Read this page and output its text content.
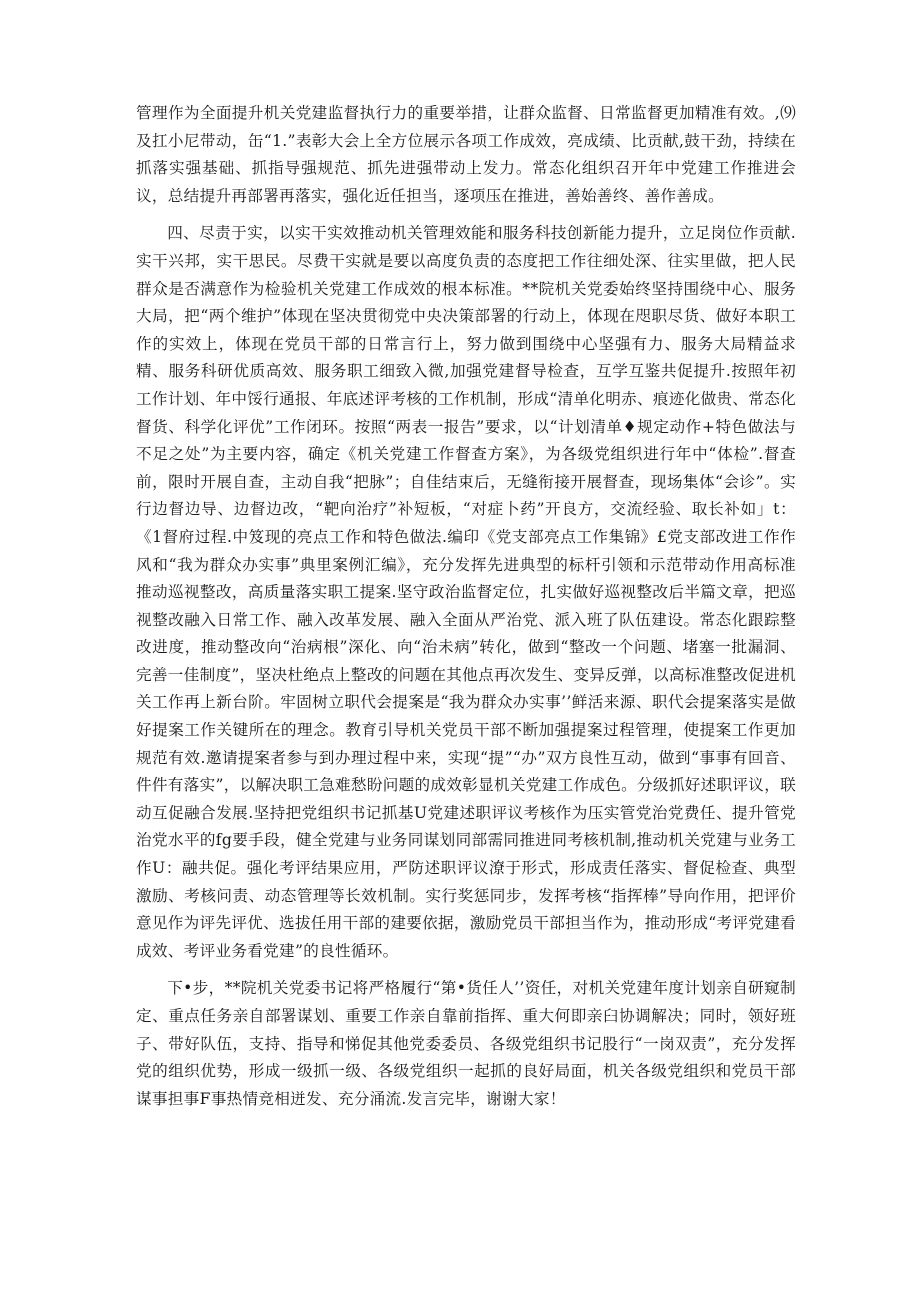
管理作为全面提升机关党建监督执行力的重要举措，让群众监督、日常监督更加精准有效。,⑼及扛小尼带动，缶“1.”表彰大会上全方位展示各项工作成效，亮成绩、比贡献,鼓干劲，持续在抓落实强基础、抓指导强规范、抓先进强带动上发力。常态化组织召开年中党建工作推进会议，总结提升再部署再落实，强化近任担当，逐项压在推进，善始善终、善作善成。

四、尽责于实，以实干实效推动机关管理效能和服务科技创新能力提升，立足岗位作贡献.实干兴邦，实干思民。尽费干实就是要以高度负责的态度把工作往细处深、往实里做，把人民群众是否满意作为检验机关党建工作成效的根本标准。**院机关党委始终坚持围绕中心、服务大局，把“两个维护”体现在坚决贯彻党中央决策部署的行动上，体现在咫职尽货、做好本职工作的实效上，体现在党员干部的日常言行上，努力做到围绕中心坚强有力、服务大局精益求精、服务科研优质高效、服务职工细致入微,加强党建督导检查，互学互鉴共促提升.按照年初工作计划、年中馁行通报、年底述评考核的工作机制，形成“清单化明赤、痕迹化做贵、常态化督货、科学化评优”工作闭环。按照“两表一报告”要求，以“计划清单♦规定动作+特色做法与不足之处”为主要内容，确定《机关党建工作督查方案》，为各级党组织进行年中“体检”.督查前，限时开展自查，主动自我“把脉”；自佳结束后，无缝衔接开展督查，现场集体“会诊”。实行边督边导、边督边改，“靶向治疗”补短板，“对症卜药”开良方，交流经验、取长补如」t：《1督府过程.中笈现的亮点工作和特色做法.编印《党支部亮点工作集锦》£党支部改进工作作风和“我为群众办实事”典里案例汇编》，充分发挥先进典型的标杆引领和示范带动作用高标准推动巡视整改，高质量落实职工提案.坚守政治监督定位，扎实做好巡视整改后半篇文章，把巡视整改融入日常工作、融入改革发展、融入全面从严治党、派入班了队伍建设。常态化跟踪整改进度，推动整改向“治病根”深化、向“治未病”转化，做到“整改一个问题、堵塞一批漏洞、完善一佳制度”，坚决杜绝点上整改的问题在其他点再次发生、变异反弹，以高标准整改促进机关工作再上新台阶。牢固树立职代会提案是“我为群众办实事’’鲜活来源、职代会提案落实是做好提案工作关键所在的理念。教育引导机关党员干部不断加强提案过程管理，使提案工作更加规范有效.邀请提案者参与到办理过程中来，实现“提”“办”双方良性互动，做到“事事有回音、件件有落实”，以解决职工急难愁盼问题的成效彰显机关党建工作成色。分级抓好述职评议，联动互促融合发展.坚持把党组织书记抓基U党建述职评议考核作为压实管党治党费任、提升管党治党水平的fg要手段，健全党建与业务同谋划同部需同推进同考核机制,推动机关党建与业务工作U：融共促。强化考评结果应用，严防述职评议潦于形式，形成责任落实、督促检查、典型激励、考核问责、动态管理等长效机制。实行奖惩同步，发挥考核“指挥棒”导向作用，把评价意见作为评先评优、选拔任用干部的建要依据，激励党员干部担当作为，推动形成“考评党建看成效、考评业务看党建”的良性循环。

下•步，**院机关党委书记将严格履行“第•货任人’’资任，对机关党建年度计划亲自研窥制定、重点任务亲自部署谋划、重要工作亲自靠前指挥、重大何即亲臼协调解决；同时，领好班子、带好队伍，支持、指导和悌促其他党委委员、各级党组织书记股行“一岗双责”，充分发挥党的组织优势，形成一级抓一级、各级党组织一起抓的良好局面，机关各级党组织和党员干部谋事担事F事热情竞相迸发、充分涌流.发言完毕，谢谢大家！
